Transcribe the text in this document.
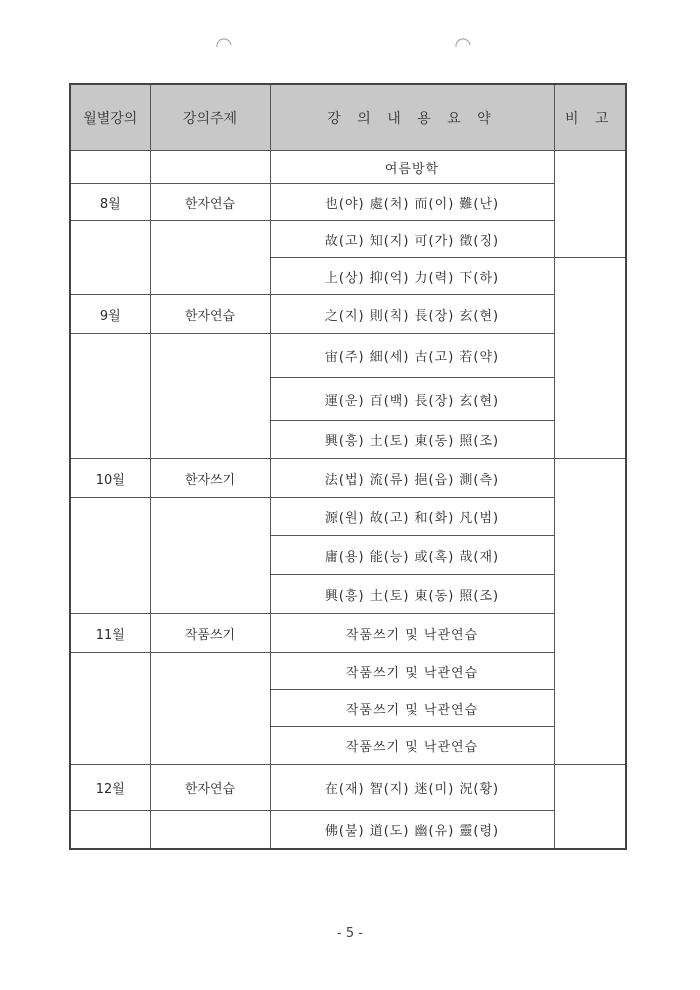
월별강의	강의주제	강 의 내 용 요 약	비 고
		여름방학	
8월	한자연습	也(야) 處(처) 而(이) 難(난)	
		故(고) 知(지) 可(가) 徵(징)	
		上(상) 抑(억) 力(력) 下(하)	
9월	한자연습	之(지) 則(칙) 長(장) 玄(현)	
		宙(주) 細(세) 古(고) 若(약)	
		運(운) 百(백) 長(장) 玄(현)	
		興(흥) 土(토) 東(동) 照(조)	
10월	한자쓰기	法(법) 流(류) 挹(읍) 測(측)	
		源(원) 故(고) 和(화) 凡(범)	
		庸(용) 能(능) 或(혹) 哉(재)	
		興(흥) 土(토) 東(동) 照(조)	
11월	작품쓰기	작품쓰기 및 낙관연습	
		작품쓰기 및 낙관연습	
		작품쓰기 및 낙관연습	
		작품쓰기 및 낙관연습	
12월	한자연습	在(재) 智(지) 迷(미) 況(황)	
		佛(불) 道(도) 幽(유) 靈(령)	
- 5 -
